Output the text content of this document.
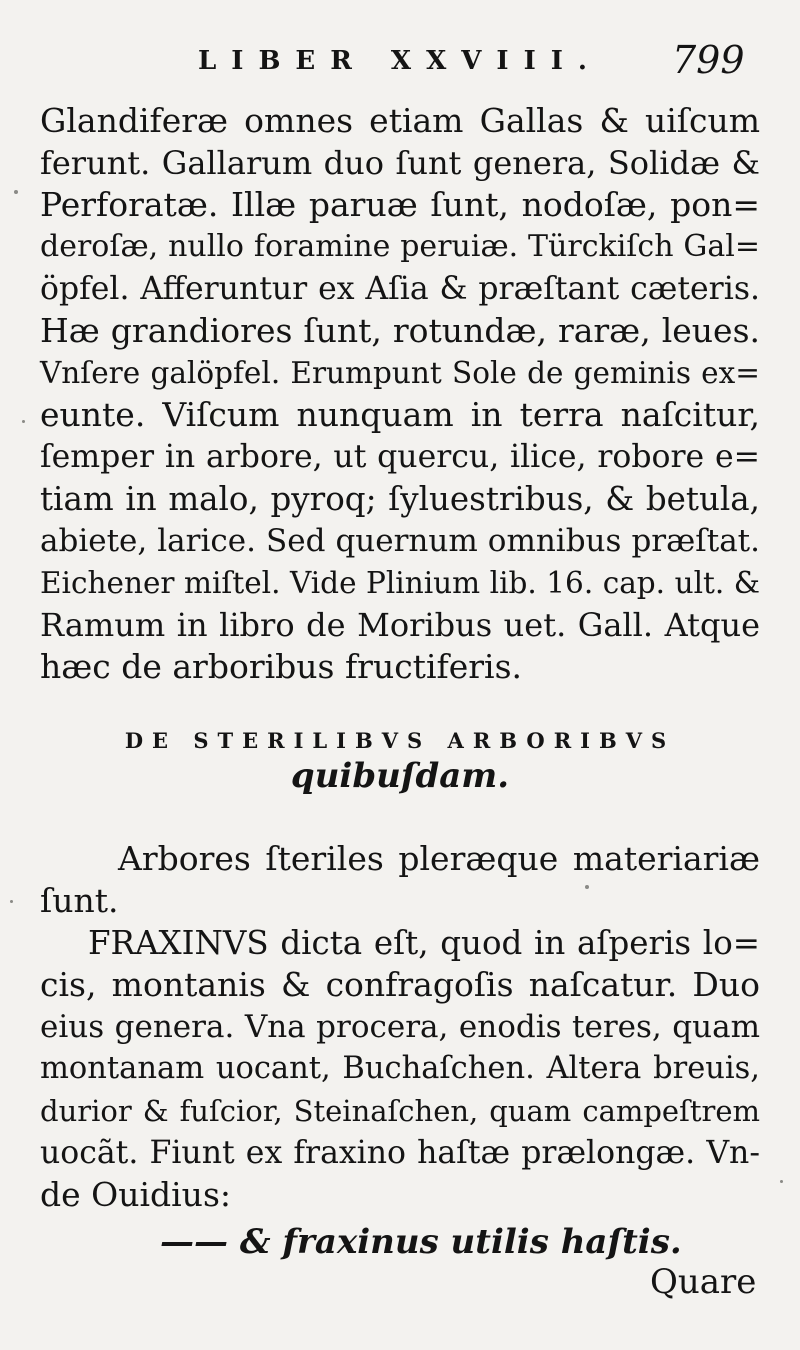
LIBER XXVIII. 799
Glandiferæ omnes etiam Gallas & uiſcum
ferunt. Gallarum duo ſunt genera, Solidæ &
Perforatæ. Illæ paruæ ſunt, nodoſæ, pon=
deroſæ, nullo foramine peruiæ. Türckiſch Gal=
öpfel. Afferuntur ex Aſia & præſtant cæteris.
Hæ grandiores ſunt, rotundæ, raræ, leues.
Vnſere galöpfel. Erumpunt Sole de geminis ex=
eunte. Viſcum nunquam in terra naſcitur,
ſemper in arbore, ut quercu, ilice, robore e=
tiam in malo, pyroq; ſyluestribus, & betula,
abiete, larice. Sed quernum omnibus præſtat.
Eichener miſtel. Vide Plinium lib. 16. cap. ult. &
Ramum in libro de Moribus uet. Gall. Atque
hæc de arboribus fructiferis.
DE STERILIBVS ARBORIBVS
quibuſdam.
Arbores ſteriles pleræque materiariæ
ſunt.
FRAXINVS dicta eſt, quod in aſperis lo=
cis, montanis & confragoſis naſcatur. Duo
eius genera. Vna procera, enodis teres, quam
montanam uocant, Buchaſchen. Altera breuis,
durior & fuſcior, Steinaſchen, quam campeſtrem
uocãt. Fiunt ex fraxino haſtæ prælongæ. Vn-
de Ouidius:
—— & fraxinus utilis haſtis.
Quare
